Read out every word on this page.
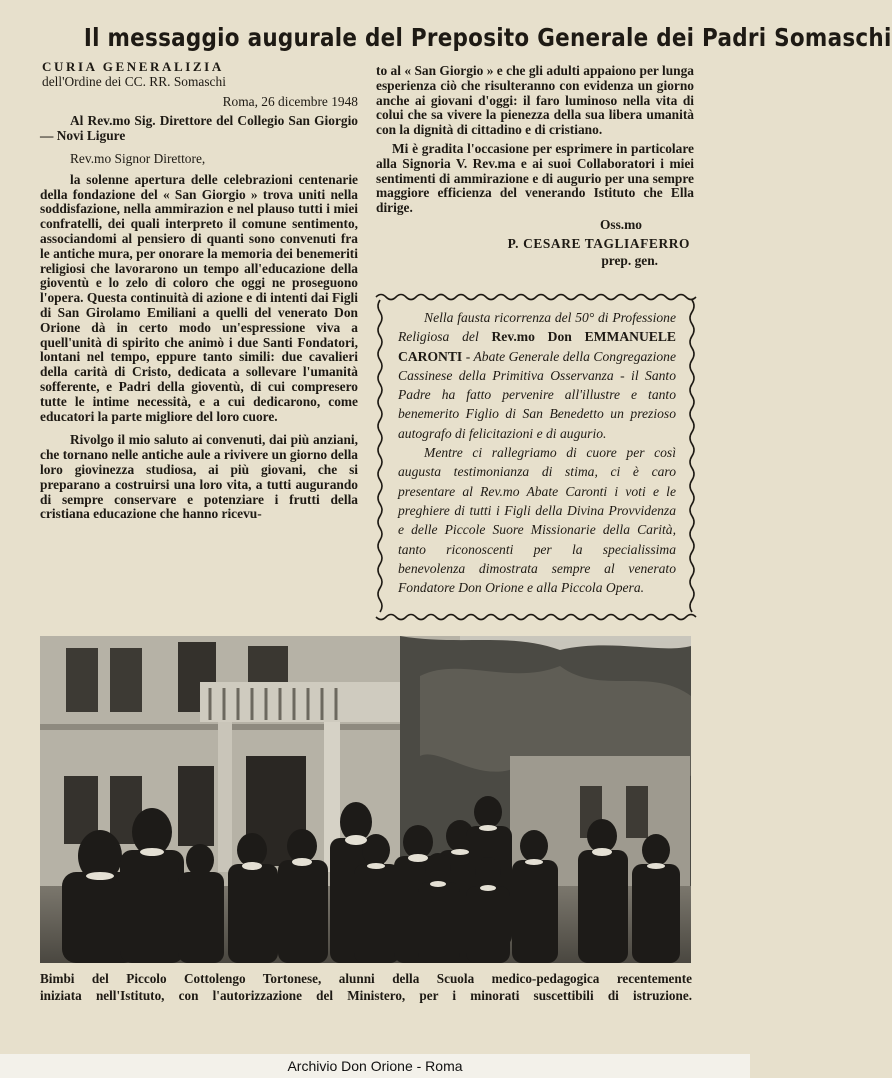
Il messaggio augurale del Preposito Generale dei Padri Somaschi

CURIA GENERALIZIA

dell'Ordine dei CC. RR. Somaschi

Roma, 26 dicembre 1948

Al Rev.mo Sig. Direttore del Collegio San Giorgio — Novi Ligure

Rev.mo Signor Direttore,

la solenne apertura delle celebrazioni centenarie della fondazione del « San Giorgio » trova uniti nella soddisfazione, nella ammirazion e nel plauso tutti i miei confratelli, dei quali interpreto il comune sentimento, associandomi al pensiero di quanti sono convenuti fra le antiche mura, per onorare la memoria dei benemeriti religiosi che lavorarono un tempo all'educazione della gioventù e lo zelo di coloro che oggi ne proseguono l'opera. Questa continuità di azione e di intenti dai Figli di San Girolamo Emiliani a quelli del venerato Don Orione dà in certo modo un'espressione viva a quell'unità di spirito che animò i due Santi Fondatori, lontani nel tempo, eppure tanto simili: due cavalieri della carità di Cristo, dedicata a sollevare l'umanità sofferente, e Padri della gioventù, di cui compresero tutte le intime necessità, e a cui dedicarono, come educatori la parte migliore del loro cuore.

Rivolgo il mio saluto ai convenuti, dai più anziani, che tornano nelle antiche aule a rivivere un giorno della loro giovinezza studiosa, ai più giovani, che si preparano a costruirsi una loro vita, a tutti augurando di sempre conservare e potenziare i frutti della cristiana educazione che hanno ricevu-

to al « San Giorgio » e che gli adulti appaiono per lunga esperienza ciò che risulteranno con evidenza un giorno anche ai giovani d'oggi: il faro luminoso nella vita di colui che sa vivere la pienezza della sua libera umanità con la dignità di cittadino e di cristiano.

Mi è gradita l'occasione per esprimere in particolare alla Signoria V. Rev.ma e ai suoi Collaboratori i miei sentimenti di ammirazione e di augurio per una sempre maggiore efficienza del venerando Istituto che Ella dirige.

Oss.mo

P. CESARE TAGLIAFERRO

prep. gen.

Nella fausta ricorrenza del 50° di Professione Religiosa del Rev.mo Don EMMANUELE CARONTI - Abate Generale della Congregazione Cassinese della Primitiva Osservanza - il Santo Padre ha fatto pervenire all'illustre e tanto benemerito Figlio di San Benedetto un prezioso autografo di felicitazioni e di augurio.

Mentre ci rallegriamo di cuore per così augusta testimonianza di stima, ci è caro presentare al Rev.mo Abate Caronti i voti e le preghiere di tutti i Figli della Divina Provvidenza e delle Piccole Suore Missionarie della Carità, tanto riconoscenti per la specialissima benevolenza dimostrata sempre al venerato Fondatore Don Orione e alla Piccola Opera.

Bimbi del Piccolo Cottolengo Tortonese, alunni della Scuola medico-pedagogica recentemente
iniziata nell'Istituto, con l'autorizzazione del Ministero, per i minorati suscettibili di istruzione.
Archivio Don Orione - Roma
